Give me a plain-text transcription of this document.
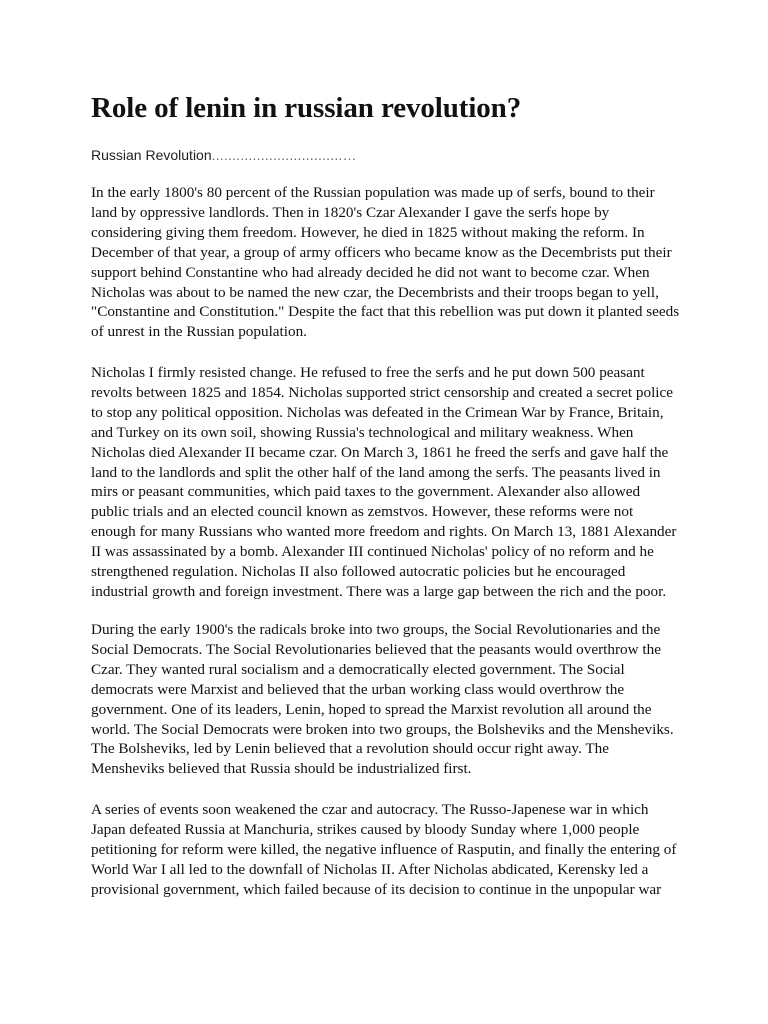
Role of lenin in russian revolution?
Russian Revolution................................…

In the early 1800's 80 percent of the Russian population was made up of serfs, bound to their land by oppressive landlords. Then in 1820's Czar Alexander I gave the serfs hope by considering giving them freedom. However, he died in 1825 without making the reform. In December of that year, a group of army officers who became know as the Decembrists put their support behind Constantine who had already decided he did not want to become czar. When Nicholas was about to be named the new czar, the Decembrists and their troops began to yell, "Constantine and Constitution." Despite the fact that this rebellion was put down it planted seeds of unrest in the Russian population.

Nicholas I firmly resisted change. He refused to free the serfs and he put down 500 peasant revolts between 1825 and 1854. Nicholas supported strict censorship and created a secret police to stop any political opposition. Nicholas was defeated in the Crimean War by France, Britain, and Turkey on its own soil, showing Russia's technological and military weakness. When Nicholas died Alexander II became czar. On March 3, 1861 he freed the serfs and gave half the land to the landlords and split the other half of the land among the serfs. The peasants lived in mirs or peasant communities, which paid taxes to the government. Alexander also allowed public trials and an elected council known as zemstvos. However, these reforms were not enough for many Russians who wanted more freedom and rights. On March 13, 1881 Alexander II was assassinated by a bomb. Alexander III continued Nicholas' policy of no reform and he strengthened regulation. Nicholas II also followed autocratic policies but he encouraged industrial growth and foreign investment. There was a large gap between the rich and the poor.

During the early 1900's the radicals broke into two groups, the Social Revolutionaries and the Social Democrats. The Social Revolutionaries believed that the peasants would overthrow the Czar. They wanted rural socialism and a democratically elected government. The Social democrats were Marxist and believed that the urban working class would overthrow the government. One of its leaders, Lenin, hoped to spread the Marxist revolution all around the world. The Social Democrats were broken into two groups, the Bolsheviks and the Mensheviks. The Bolsheviks, led by Lenin believed that a revolution should occur right away. The Mensheviks believed that Russia should be industrialized first.

A series of events soon weakened the czar and autocracy. The Russo-Japenese war in which Japan defeated Russia at Manchuria, strikes caused by bloody Sunday where 1,000 people petitioning for reform were killed, the negative influence of Rasputin, and finally the entering of World War I all led to the downfall of Nicholas II. After Nicholas abdicated, Kerensky led a provisional government, which failed because of its decision to continue in the unpopular war
